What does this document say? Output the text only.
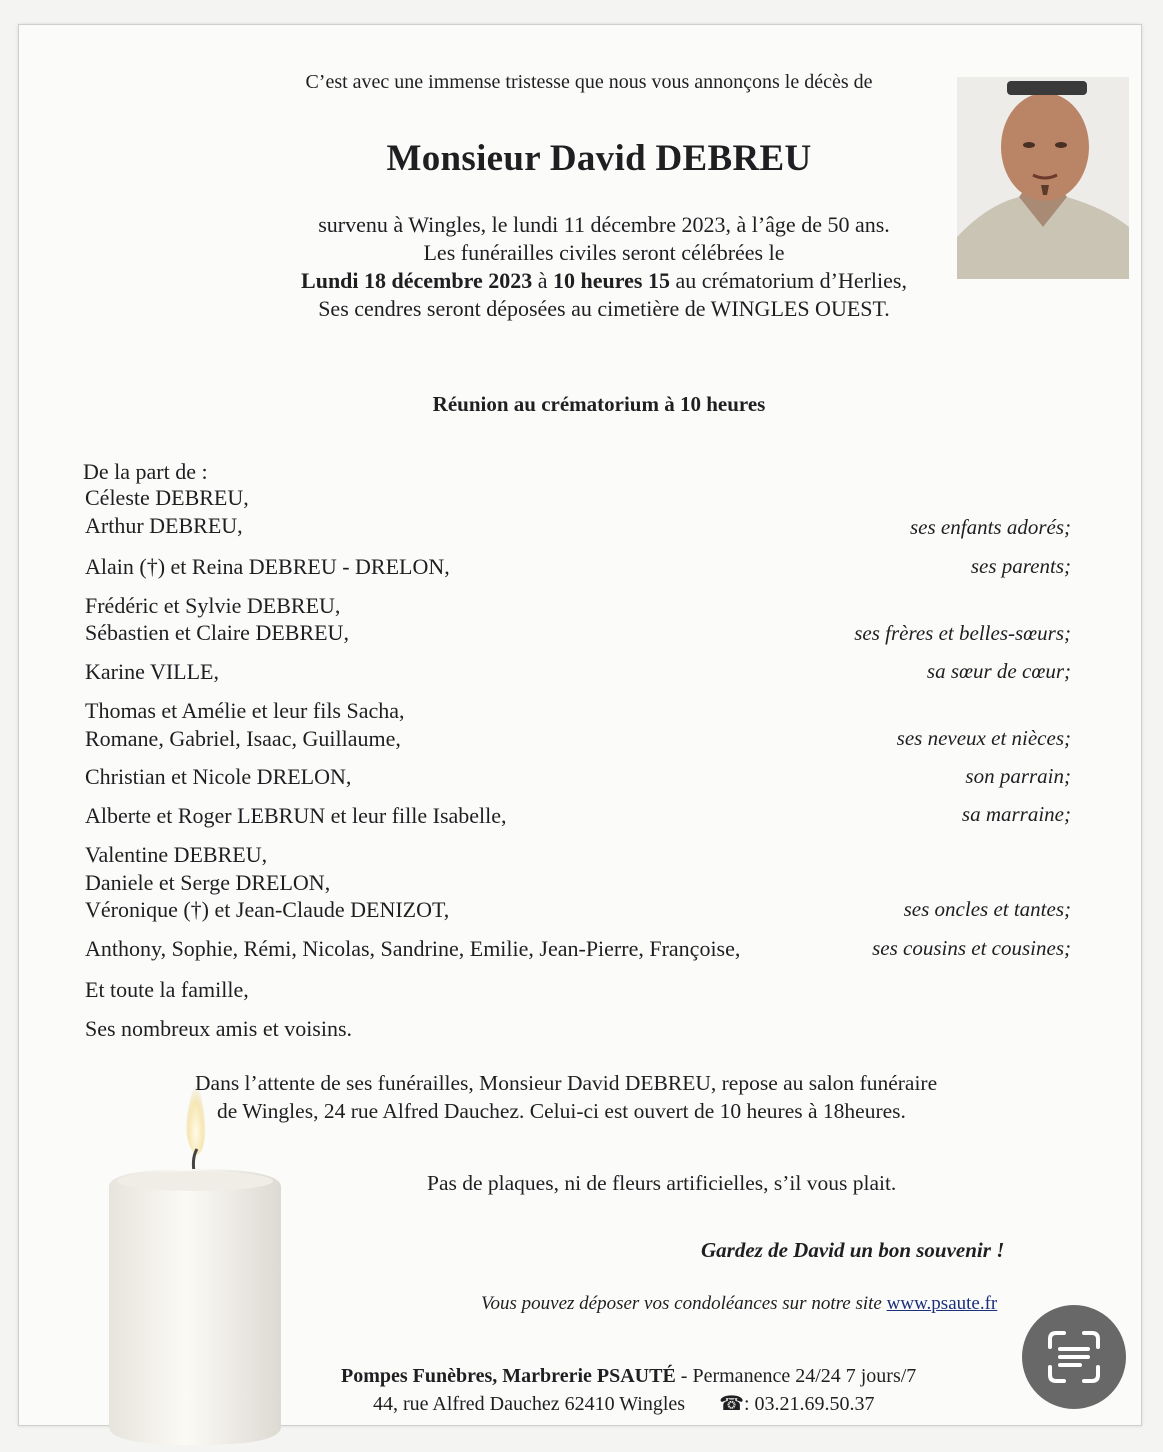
C’est avec une immense tristesse que nous vous annonçons le décès de
Monsieur David DEBREU
survenu à Wingles, le lundi 11 décembre 2023, à l’âge de 50 ans.
Les funérailles civiles seront célébrées le
Lundi 18 décembre 2023 à 10 heures 15 au crématorium d’Herlies,
Ses cendres seront déposées au cimetière de WINGLES OUEST.
Réunion au crématorium à 10 heures
De la part de :
Céleste DEBREU,
Arthur DEBREU,	ses enfants adorés;
Alain (†) et Reina DEBREU - DRELON,	ses parents;
Frédéric et Sylvie DEBREU,
Sébastien et Claire DEBREU,	ses frères et belles-sœurs;
Karine VILLE,	sa sœur de cœur;
Thomas et Amélie et leur fils Sacha,
Romane, Gabriel, Isaac, Guillaume,	ses neveux et nièces;
Christian et Nicole DRELON,	son parrain;
Alberte et Roger LEBRUN et leur fille Isabelle,	sa marraine;
Valentine DEBREU,
Daniele et Serge DRELON,
Véronique (†) et Jean-Claude DENIZOT,	ses oncles et tantes;
Anthony, Sophie, Rémi, Nicolas, Sandrine, Emilie, Jean-Pierre, Françoise,	ses cousins et cousines;
Et toute la famille,
Ses nombreux amis et voisins.
Dans l’attente de ses funérailles, Monsieur David DEBREU, repose au salon funéraire
de Wingles, 24 rue Alfred Dauchez. Celui-ci est ouvert de 10 heures à 18heures.
Pas de plaques, ni de fleurs artificielles, s’il vous plait.
Gardez de David un bon souvenir !
Vous pouvez déposer vos condoléances sur notre site www.psaute.fr
Pompes Funèbres, Marbrerie PSAUTÉ - Permanence 24/24 7 jours/7
44, rue Alfred Dauchez 62410 Wingles ☎: 03.21.69.50.37
